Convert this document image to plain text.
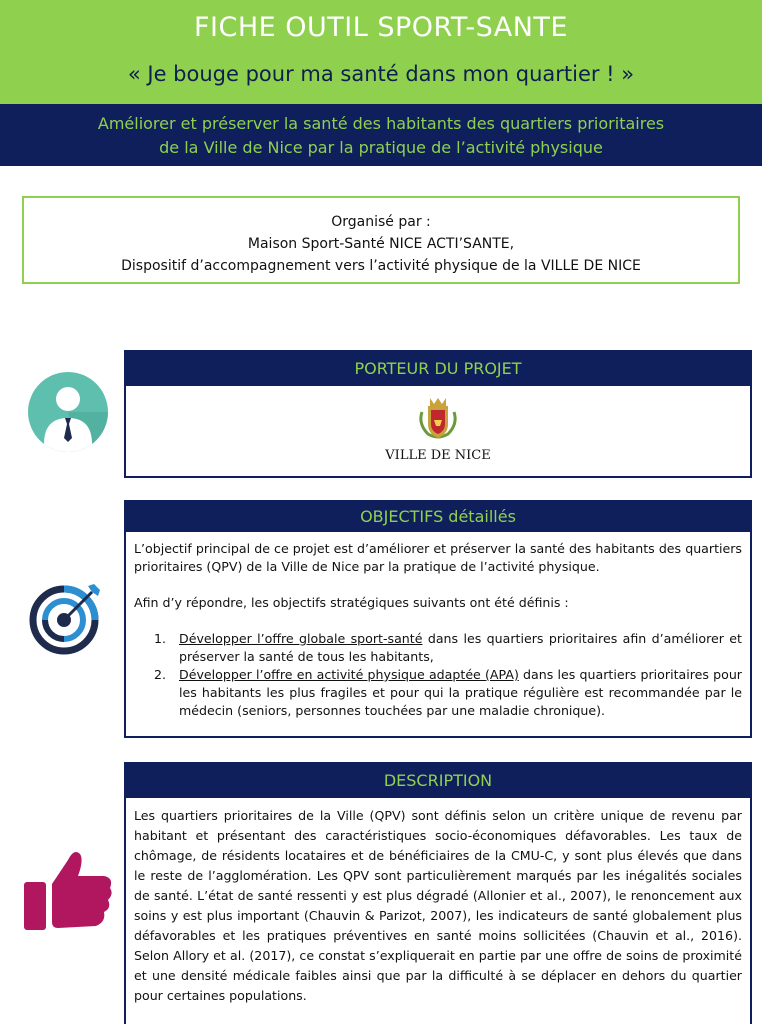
FICHE OUTIL SPORT-SANTE
« Je bouge pour ma santé dans mon quartier ! »
Améliorer et préserver la santé des habitants des quartiers prioritaires
de la Ville de Nice par la pratique de l’activité physique
Organisé par :
Maison Sport-Santé NICE ACTI’SANTE,
Dispositif d’accompagnement vers l’activité physique de la VILLE DE NICE
PORTEUR DU PROJET
VILLE DE NICE
OBJECTIFS détaillés

L’objectif principal de ce projet est d’améliorer et préserver la santé des habitants des quartiers prioritaires (QPV) de la Ville de Nice par la pratique de l’activité physique.

Afin d’y répondre, les objectifs stratégiques suivants ont été définis :

1. Développer l’offre globale sport-santé dans les quartiers prioritaires afin d’améliorer et préserver la santé de tous les habitants,
2. Développer l’offre en activité physique adaptée (APA) dans les quartiers prioritaires pour les habitants les plus fragiles et pour qui la pratique régulière est recommandée par le médecin (seniors, personnes touchées par une maladie chronique).
DESCRIPTION

Les quartiers prioritaires de la Ville (QPV) sont définis selon un critère unique de revenu par habitant et présentant des caractéristiques socio-économiques défavorables. Les taux de chômage, de résidents locataires et de bénéficiaires de la CMU-C, y sont plus élevés que dans le reste de l’agglomération. Les QPV sont particulièrement marqués par les inégalités sociales de santé. L’état de santé ressenti y est plus dégradé (Allonier et al., 2007), le renoncement aux soins y est plus important (Chauvin & Parizot, 2007), les indicateurs de santé globalement plus défavorables et les pratiques préventives en santé moins sollicitées (Chauvin et al., 2016). Selon Allory et al. (2017), ce constat s’expliquerait en partie par une offre de soins de proximité et une densité médicale faibles ainsi que par la difficulté à se déplacer en dehors du quartier pour certaines populations.
